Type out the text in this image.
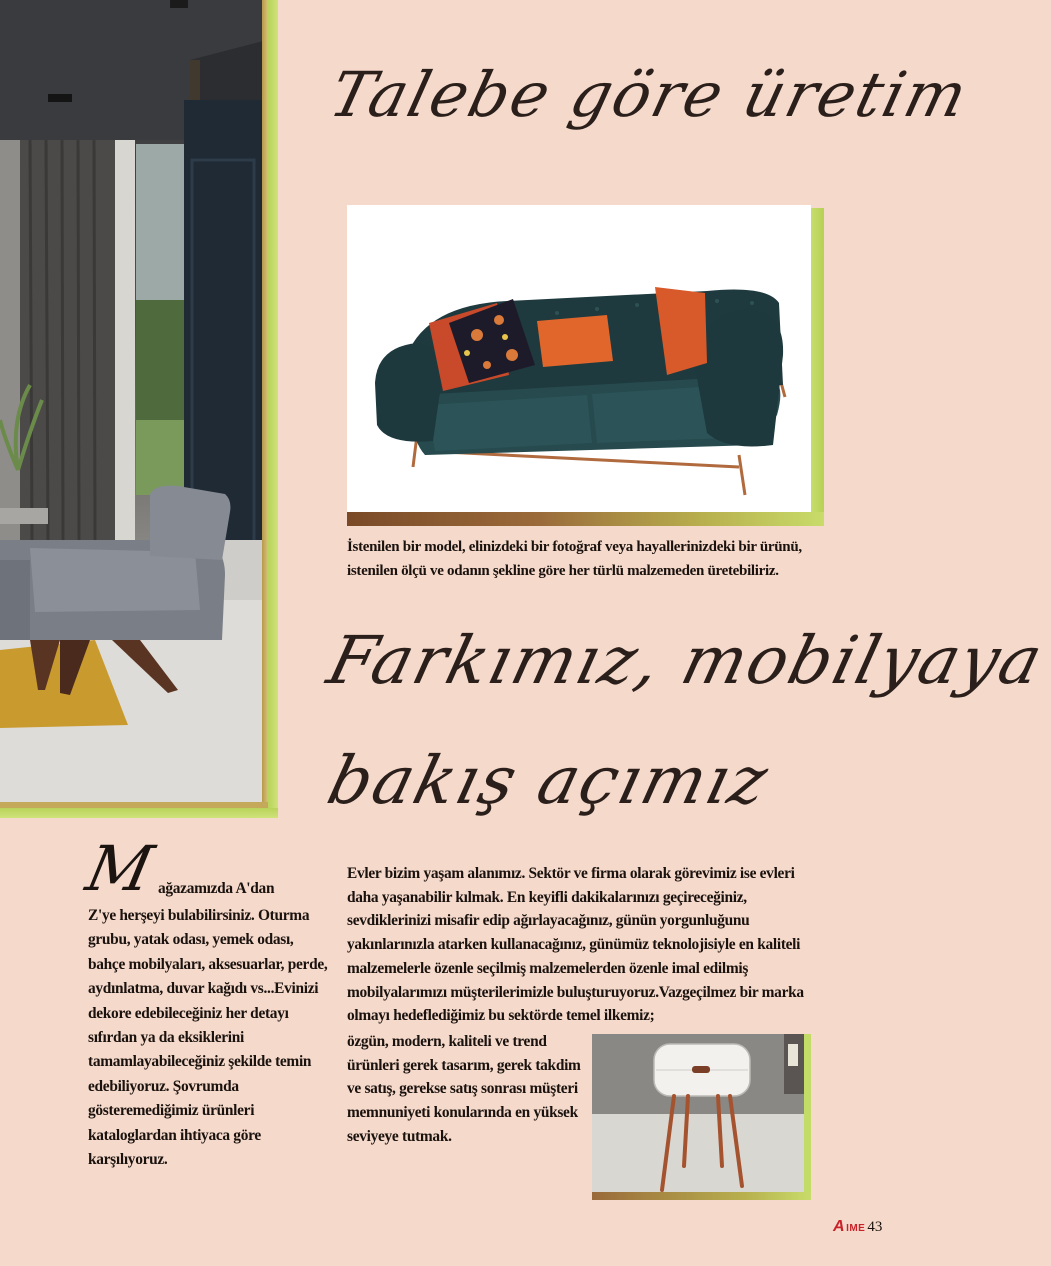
Talebe göre üretim

İstenilen bir model, elinizdeki bir fotoğraf veya hayallerinizdeki bir ürünü, istenilen ölçü ve odanın şekline göre her türlü malzemeden üretebiliriz.

Farkımız, mobilyaya
bakış açımız
M
ağazamızda A'dan

Z'ye herşeyi bulabilirsiniz. Oturma grubu, yatak odası, yemek odası, bahçe mobilyaları, aksesuarlar, perde, aydınlatma, duvar kağıdı vs...Evinizi dekore edebileceğiniz her detayı sıfırdan ya da eksiklerini tamamlayabileceğiniz şekilde temin edebiliyoruz. Şovrumda gösteremediğimiz ürünleri kataloglardan ihtiyaca göre karşılıyoruz.

Evler bizim yaşam alanımız. Sektör ve firma olarak görevimiz ise evleri daha yaşanabilir kılmak. En keyifli dakikalarınızı geçireceğiniz, sevdiklerinizi misafir edip ağırlayacağınız, günün yorgunluğunu yakınlarınızla atarken kullanacağınız, günümüz teknolojisiyle en kaliteli malzemelerle özenle seçilmiş malzemelerden özenle imal edilmiş mobilyalarımızı müşterilerimizle buluşturuyoruz.Vazgeçilmez bir marka olmayı hedeflediğimiz bu sektörde temel ilkemiz;

özgün, modern, kaliteli ve trend ürünleri gerek tasarım, gerek takdim ve satış, gerekse satış sonrası müşteri memnuniyeti konularında en yüksek seviyeye tutmak.

A IME 43
